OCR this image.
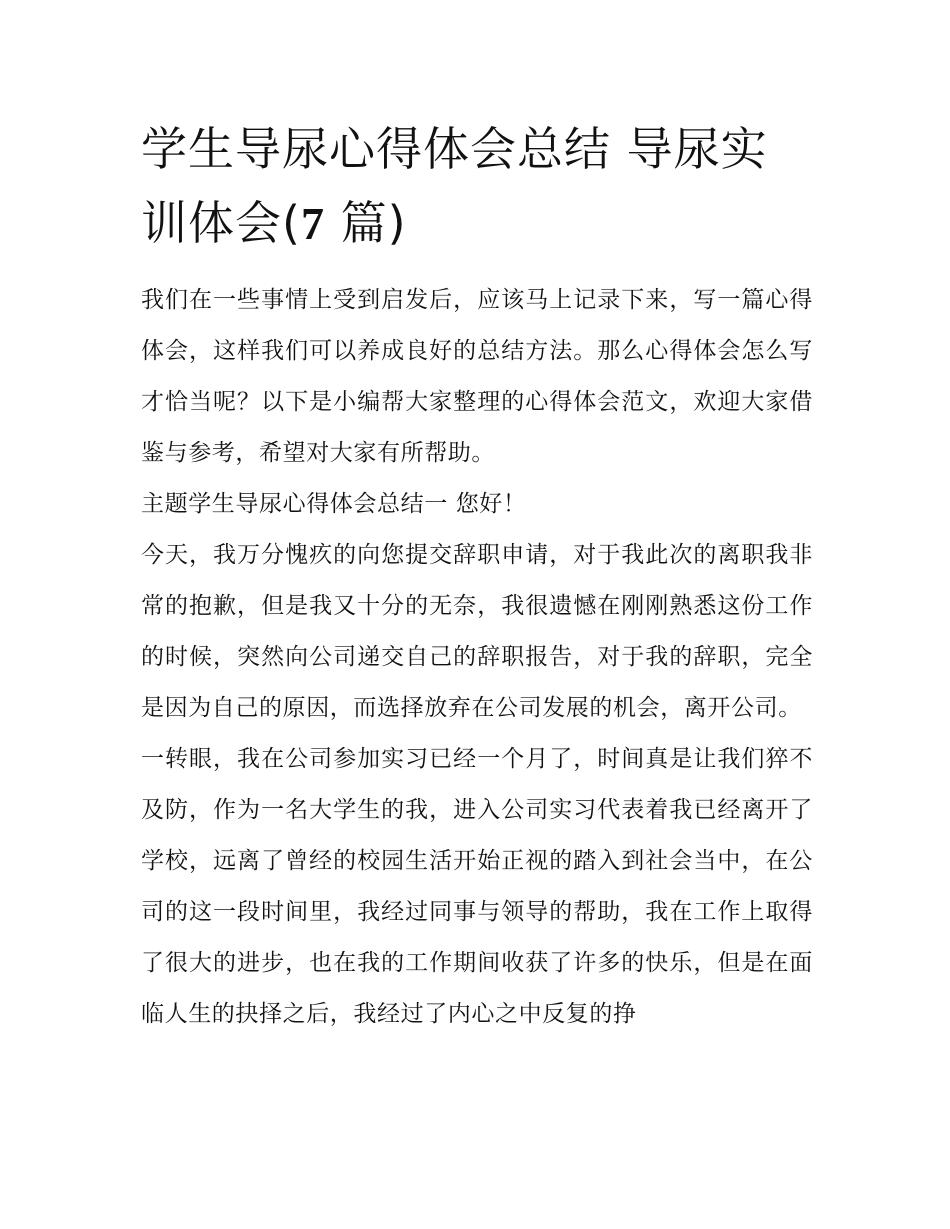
学生导尿心得体会总结 导尿实训体会(7 篇)

我们在一些事情上受到启发后，应该马上记录下来，写一篇心得体会，这样我们可以养成良好的总结方法。那么心得体会怎么写才恰当呢？以下是小编帮大家整理的心得体会范文，欢迎大家借鉴与参考，希望对大家有所帮助。

主题学生导尿心得体会总结一 您好！

今天，我万分愧疚的向您提交辞职申请，对于我此次的离职我非常的抱歉，但是我又十分的无奈，我很遗憾在刚刚熟悉这份工作的时候，突然向公司递交自己的辞职报告，对于我的辞职，完全是因为自己的原因，而选择放弃在公司发展的机会，离开公司。

一转眼，我在公司参加实习已经一个月了，时间真是让我们猝不及防，作为一名大学生的我，进入公司实习代表着我已经离开了学校，远离了曾经的校园生活开始正视的踏入到社会当中，在公司的这一段时间里，我经过同事与领导的帮助，我在工作上取得了很大的进步，也在我的工作期间收获了许多的快乐，但是在面临人生的抉择之后，我经过了内心之中反复的挣
